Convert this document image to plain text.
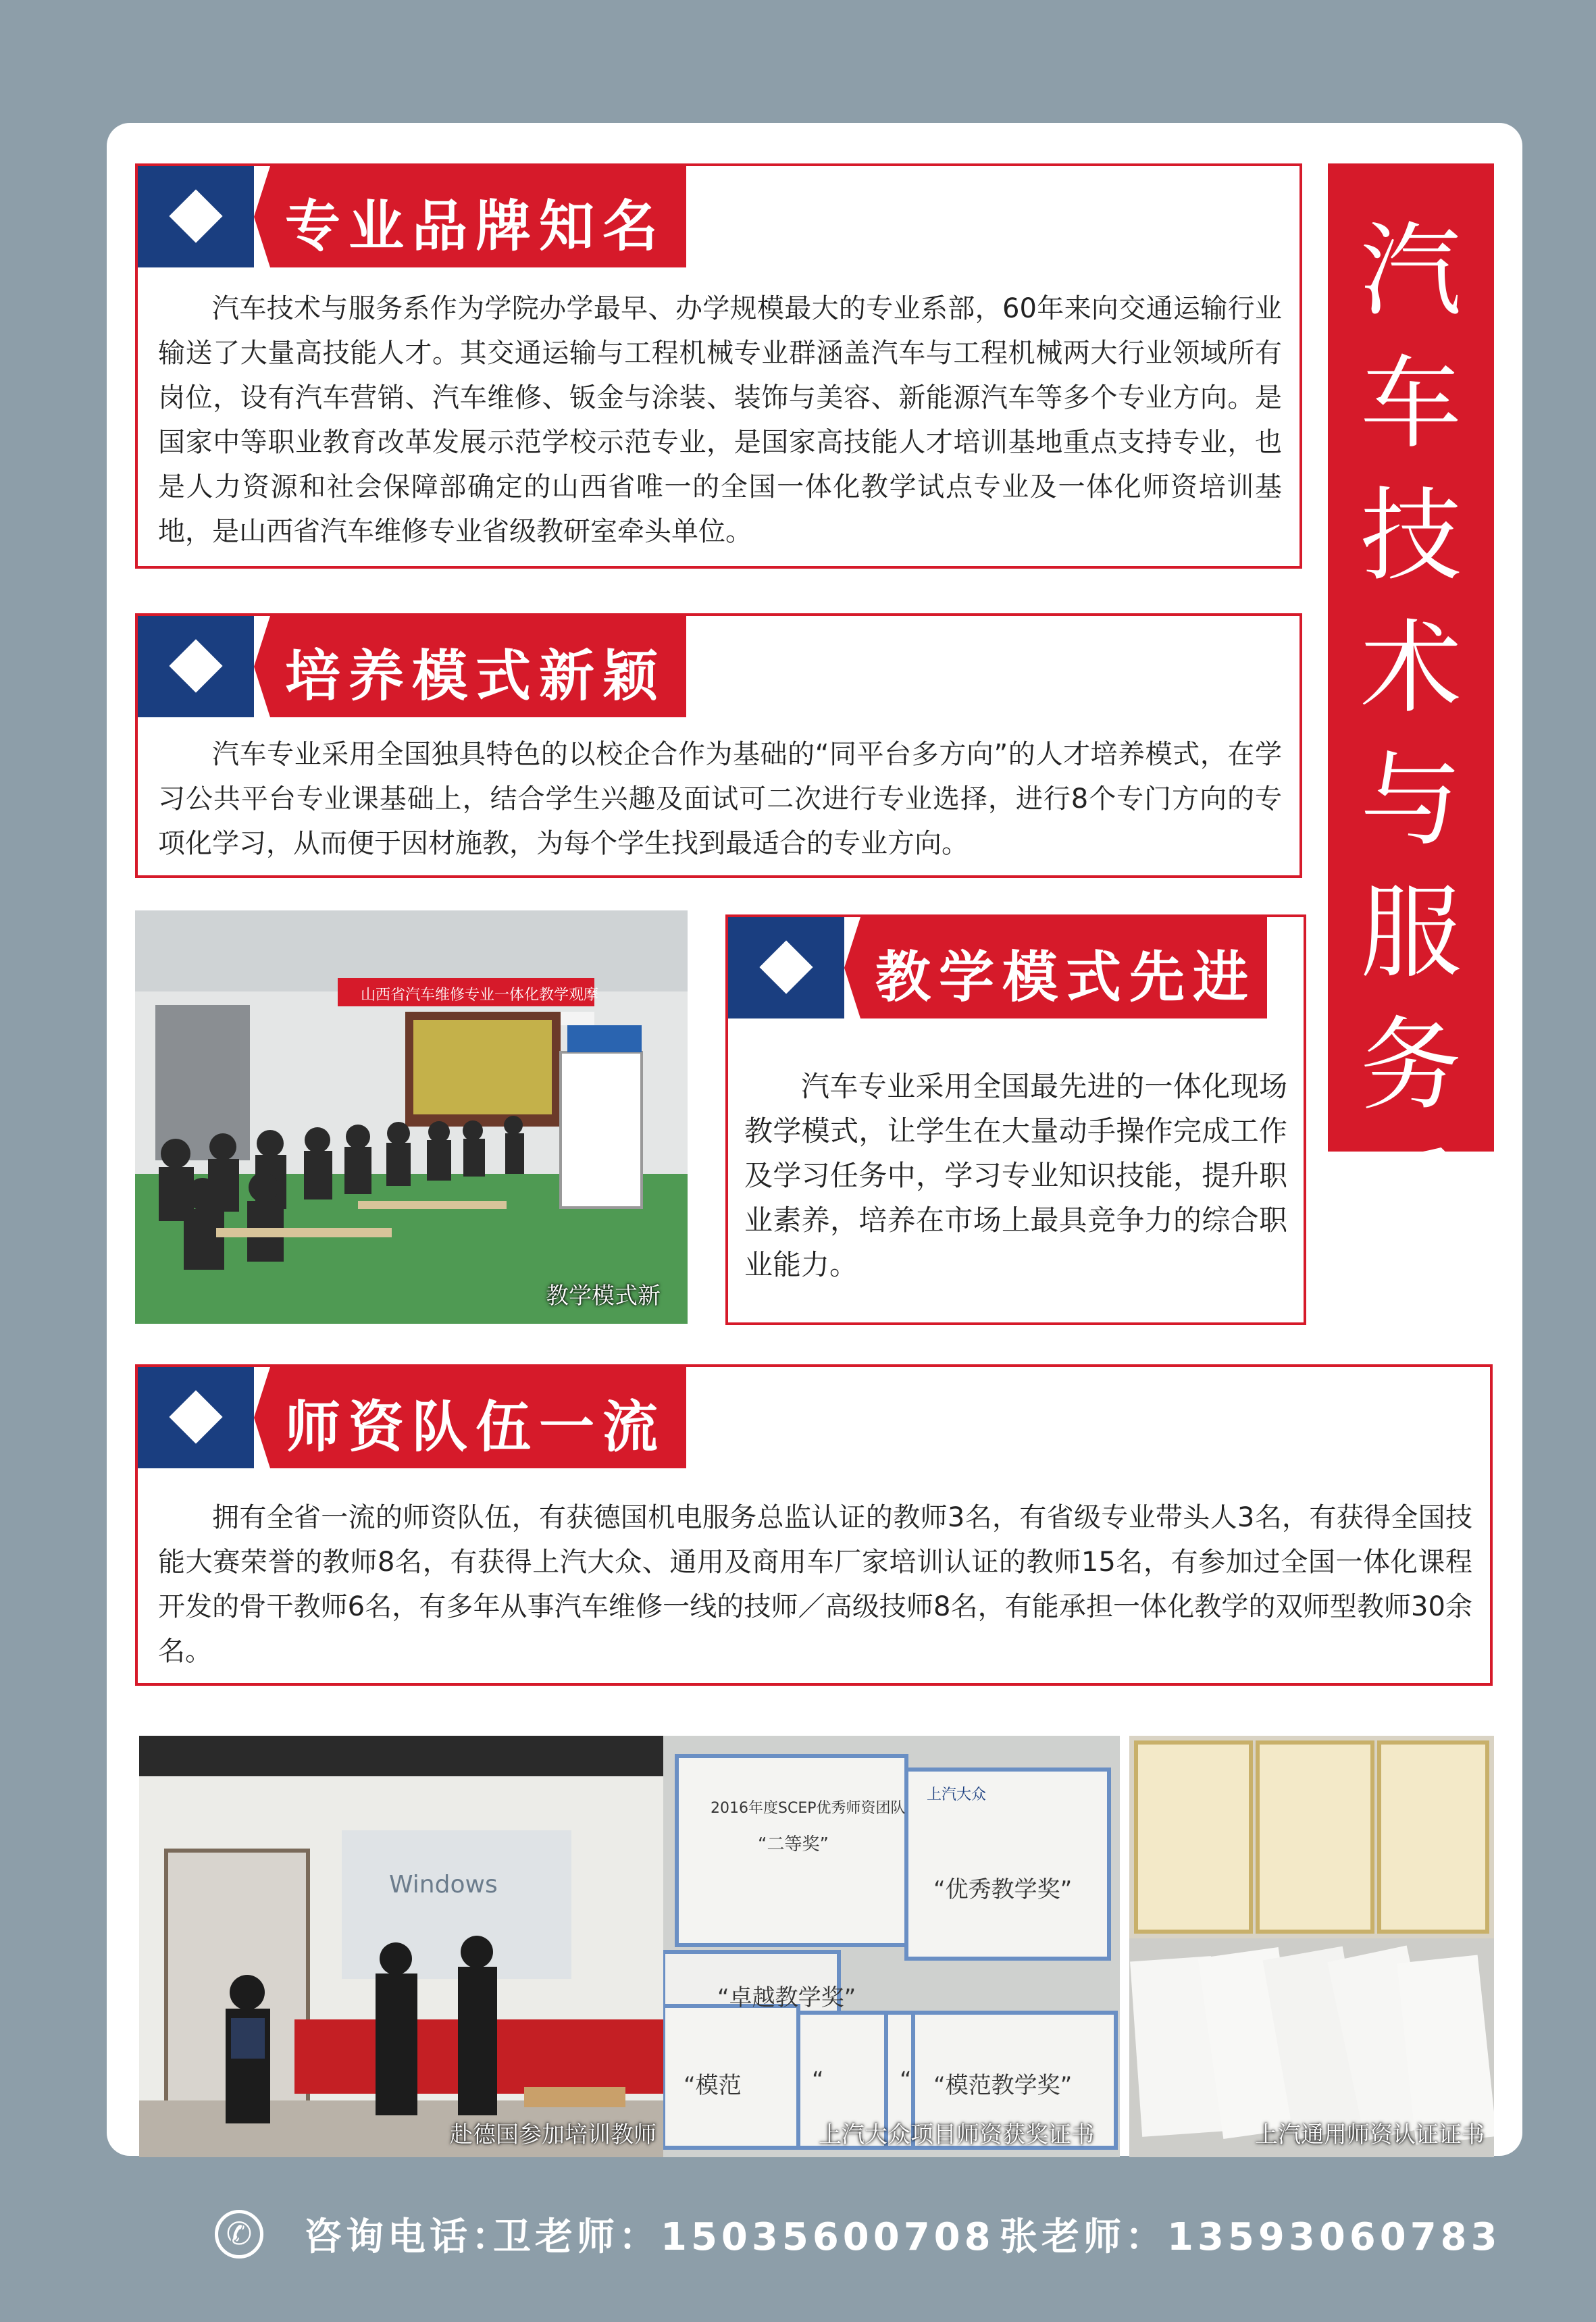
汽
车
技
术
与
服
务
系
专业品牌知名
汽车技术与服务系作为学院办学最早、办学规模最大的专业系部，60年来向交通运输行业输送了大量高技能人才。其交通运输与工程机械专业群涵盖汽车与工程机械两大行业领域所有岗位，设有汽车营销、汽车维修、钣金与涂装、装饰与美容、新能源汽车等多个专业方向。是国家中等职业教育改革发展示范学校示范专业，是国家高技能人才培训基地重点支持专业，也是人力资源和社会保障部确定的山西省唯一的全国一体化教学试点专业及一体化师资培训基地，是山西省汽车维修专业省级教研室牵头单位。
培养模式新颖
汽车专业采用全国独具特色的以校企合作为基础的“同平台多方向”的人才培养模式，在学习公共平台专业课基础上，结合学生兴趣及面试可二次进行专业选择，进行8个专门方向的专项化学习，从而便于因材施教，为每个学生找到最适合的专业方向。
教学模式新
山西省汽车维修专业一体化教学观摩	教学模式先进
汽车专业采用全国最先进的一体化现场教学模式，让学生在大量动手操作完成工作及学习任务中，学习专业知识技能，提升职业素养，培养在市场上最具竞争力的综合职业能力。
师资队伍一流
拥有全省一流的师资队伍，有获德国机电服务总监认证的教师3名，有省级专业带头人3名，有获得全国技能大赛荣誉的教师8名，有获得上汽大众、通用及商用车厂家培训认证的教师15名，有参加过全国一体化课程开发的骨干教师6名，有多年从事汽车维修一线的技师／高级技师8名，有能承担一体化教学的双师型教师30余名。
Windows
赴德国参加培训教师
2016年度SCEP优秀师资团队
“二等奖”
上汽大众
“优秀教学奖”
“卓越教学奖”
“模范	“	“ “模范教学奖”
上汽大众项目师资获奖证书	上汽通用师资认证证书
✆ 咨询电话：
卫老师：15035600708 张老师：13593060783
